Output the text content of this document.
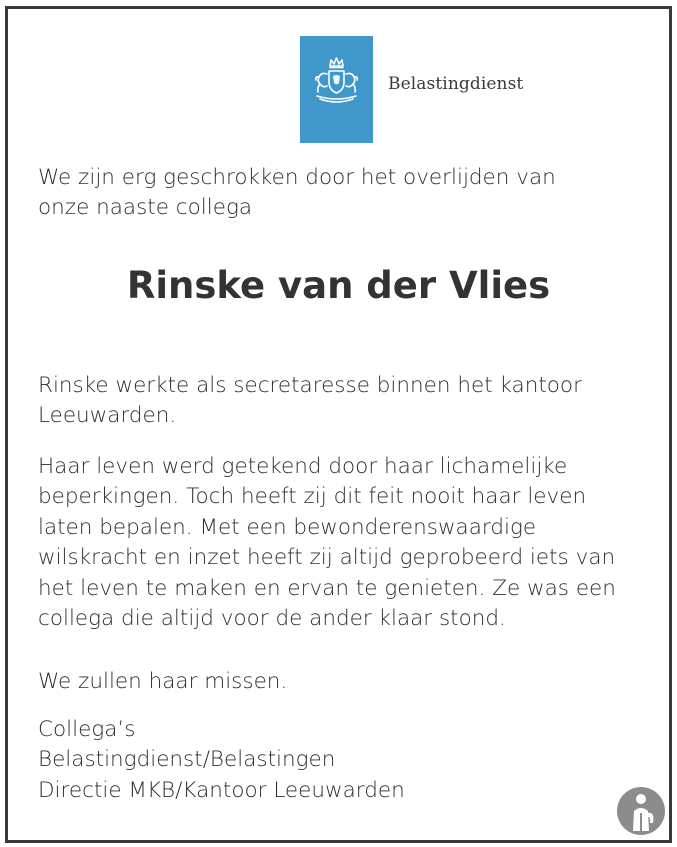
Belastingdienst
We zijn erg geschrokken door het overlijden van
onze naaste collega
Rinske van der Vlies
Rinske werkte als secretaresse binnen het kantoor
Leeuwarden.
Haar leven werd getekend door haar lichamelijke
beperkingen. Toch heeft zij dit feit nooit haar leven
laten bepalen. Met een bewonderenswaardige
wilskracht en inzet heeft zij altijd geprobeerd iets van
het leven te maken en ervan te genieten. Ze was een
collega die altijd voor de ander klaar stond.
We zullen haar missen.
Collega’s
Belastingdienst/Belastingen
Directie MKB/Kantoor Leeuwarden
